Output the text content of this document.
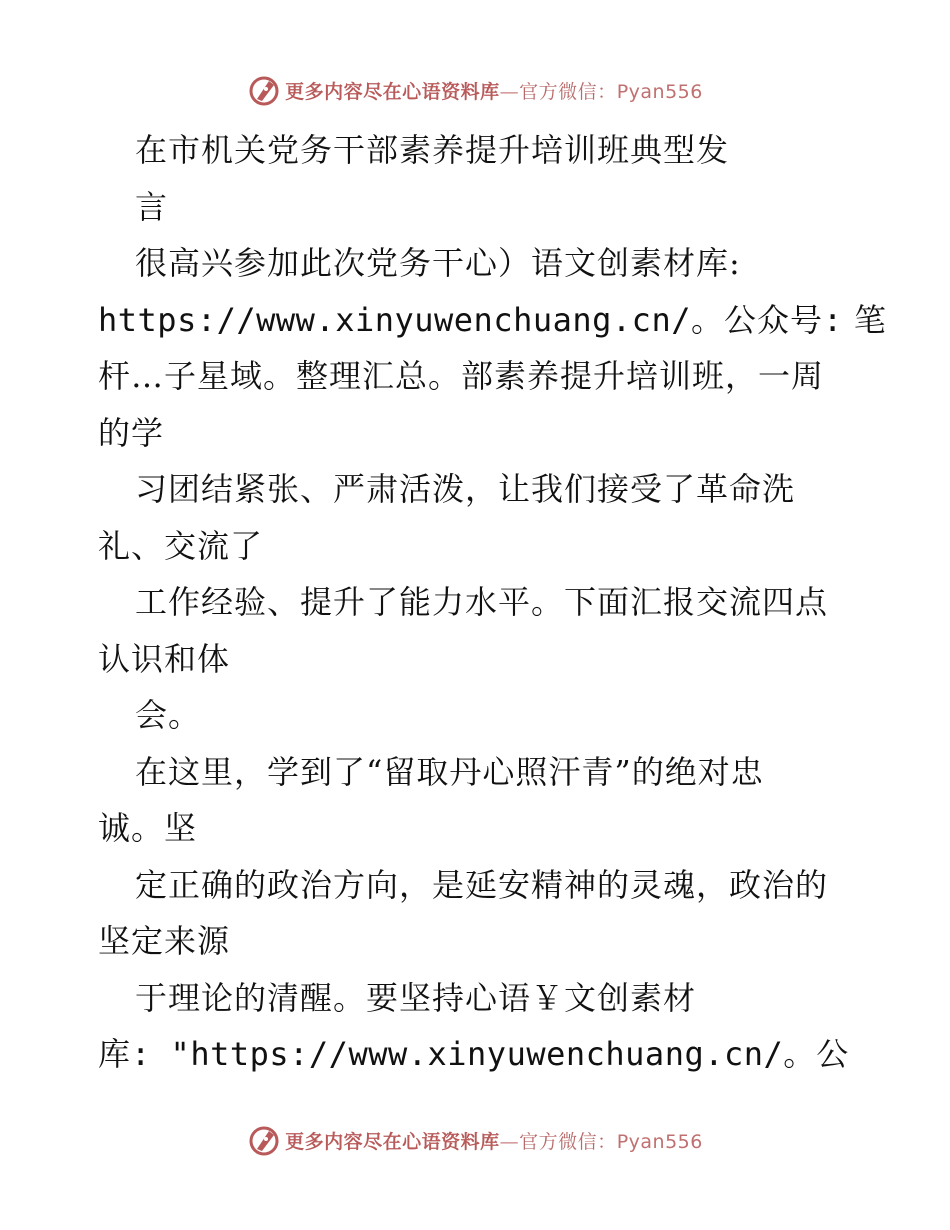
更多内容尽在心语资料库—官方微信：Pyan556
在市机关党务干部素养提升培训班典型发
言
很高兴参加此次党务干心）语文创素材库:
https://www.xinyuwenchuang.cn/。公众号: 笔
杆…子星域。整理汇总。部素养提升培训班，一周
的学
习团结紧张、严肃活泼，让我们接受了革命洗
礼、交流了
工作经验、提升了能力水平。下面汇报交流四点
认识和体
会。
在这里，学到了“留取丹心照汗青”的绝对忠
诚。坚
定正确的政治方向，是延安精神的灵魂，政治的
坚定来源
于理论的清醒。要坚持心语￥文创素材
库: "https://www.xinyuwenchuang.cn/。公
更多内容尽在心语资料库—官方微信：Pyan556
